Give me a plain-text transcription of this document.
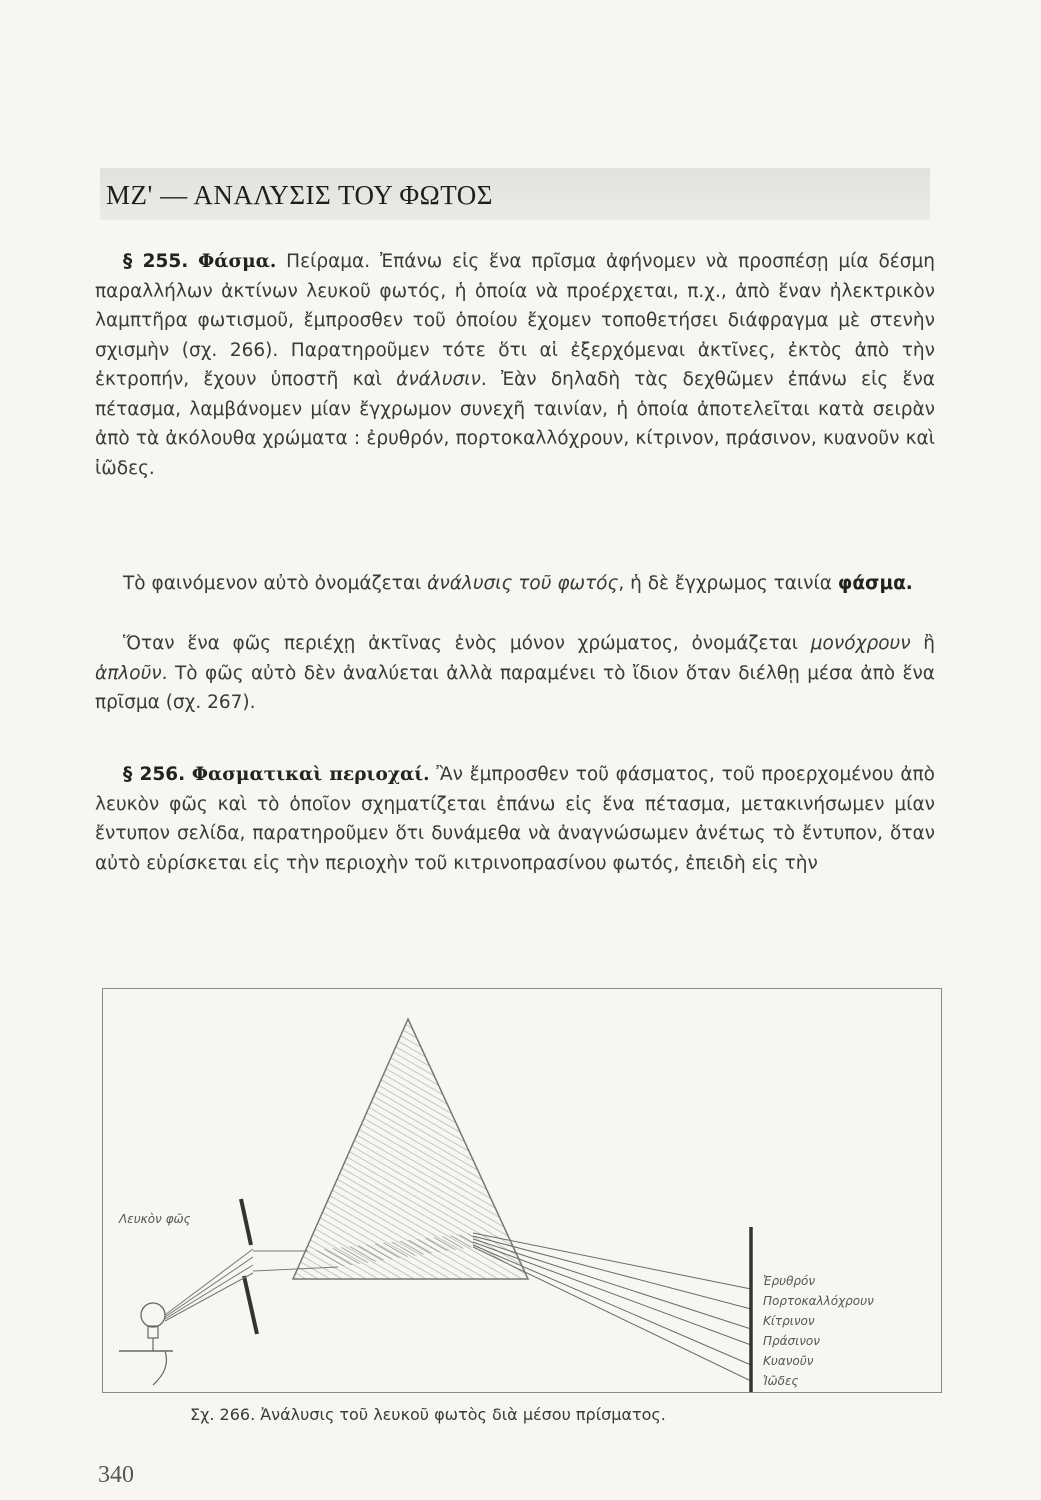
ΜΖ' — ΑΝΑΛΥΣΙΣ ΤΟΥ ΦΩΤΟΣ

§ 255. Φάσμα. Πείραμα. Ἐπάνω εἰς ἕνα πρῖσμα ἀφήνομεν νὰ προσπέσῃ μία δέσμη παραλλήλων ἀκτίνων λευκοῦ φωτός, ἡ ὁποία νὰ προέρχεται, π.χ., ἀπὸ ἕναν ἠλεκτρικὸν λαμπτῆρα φωτισμοῦ, ἔμπροσθεν τοῦ ὁποίου ἔχομεν τοποθετήσει διάφραγμα μὲ στενὴν σχισμὴν (σχ. 266). Παρατηροῦμεν τότε ὅτι αἱ ἐξερχόμεναι ἀκτῖνες, ἐκτὸς ἀπὸ τὴν ἐκτροπήν, ἔχουν ὑποστῆ καὶ ἀνάλυσιν. Ἐὰν δηλαδὴ τὰς δεχθῶμεν ἐπάνω εἰς ἕνα πέτασμα, λαμβάνομεν μίαν ἔγχρωμον συνεχῆ ταινίαν, ἡ ὁποία ἀποτελεῖται κατὰ σειρὰν ἀπὸ τὰ ἀκόλουθα χρώματα : ἐρυθρόν, πορτοκαλλόχρουν, κίτρινον, πράσινον, κυανοῦν καὶ ἰῶδες.

Τὸ φαινόμενον αὐτὸ ὀνομάζεται ἀνάλυσις τοῦ φωτός, ἡ δὲ ἔγχρωμος ταινία φάσμα.

Ὅταν ἕνα φῶς περιέχῃ ἀκτῖνας ἑνὸς μόνον χρώματος, ὀνομάζεται μονόχρουν ἢ ἁπλοῦν. Τὸ φῶς αὐτὸ δὲν ἀναλύεται ἀλλὰ παραμένει τὸ ἴδιον ὅταν διέλθῃ μέσα ἀπὸ ἕνα πρῖσμα (σχ. 267).

§ 256. Φασματικαὶ περιοχαί. Ἂν ἔμπροσθεν τοῦ φάσματος, τοῦ προερχομένου ἀπὸ λευκὸν φῶς καὶ τὸ ὁποῖον σχηματίζεται ἐπάνω εἰς ἕνα πέτασμα, μετακινήσωμεν μίαν ἔντυπον σελίδα, παρατηροῦμεν ὅτι δυνάμεθα νὰ ἀναγνώσωμεν ἀνέτως τὸ ἔντυπον, ὅταν αὐτὸ εὑρίσκεται εἰς τὴν περιοχὴν τοῦ κιτρινοπρασίνου φωτός, ἐπειδὴ εἰς τὴν

Λευκὸν φῶς
Ἐρυθρόν
Πορτοκαλλόχρουν
Κίτρινον
Πράσινον
Κυανοῦν
Ἰῶδες
Σχ. 266. Ἀνάλυσις τοῦ λευκοῦ φωτὸς διὰ μέσου πρίσματος.
340
